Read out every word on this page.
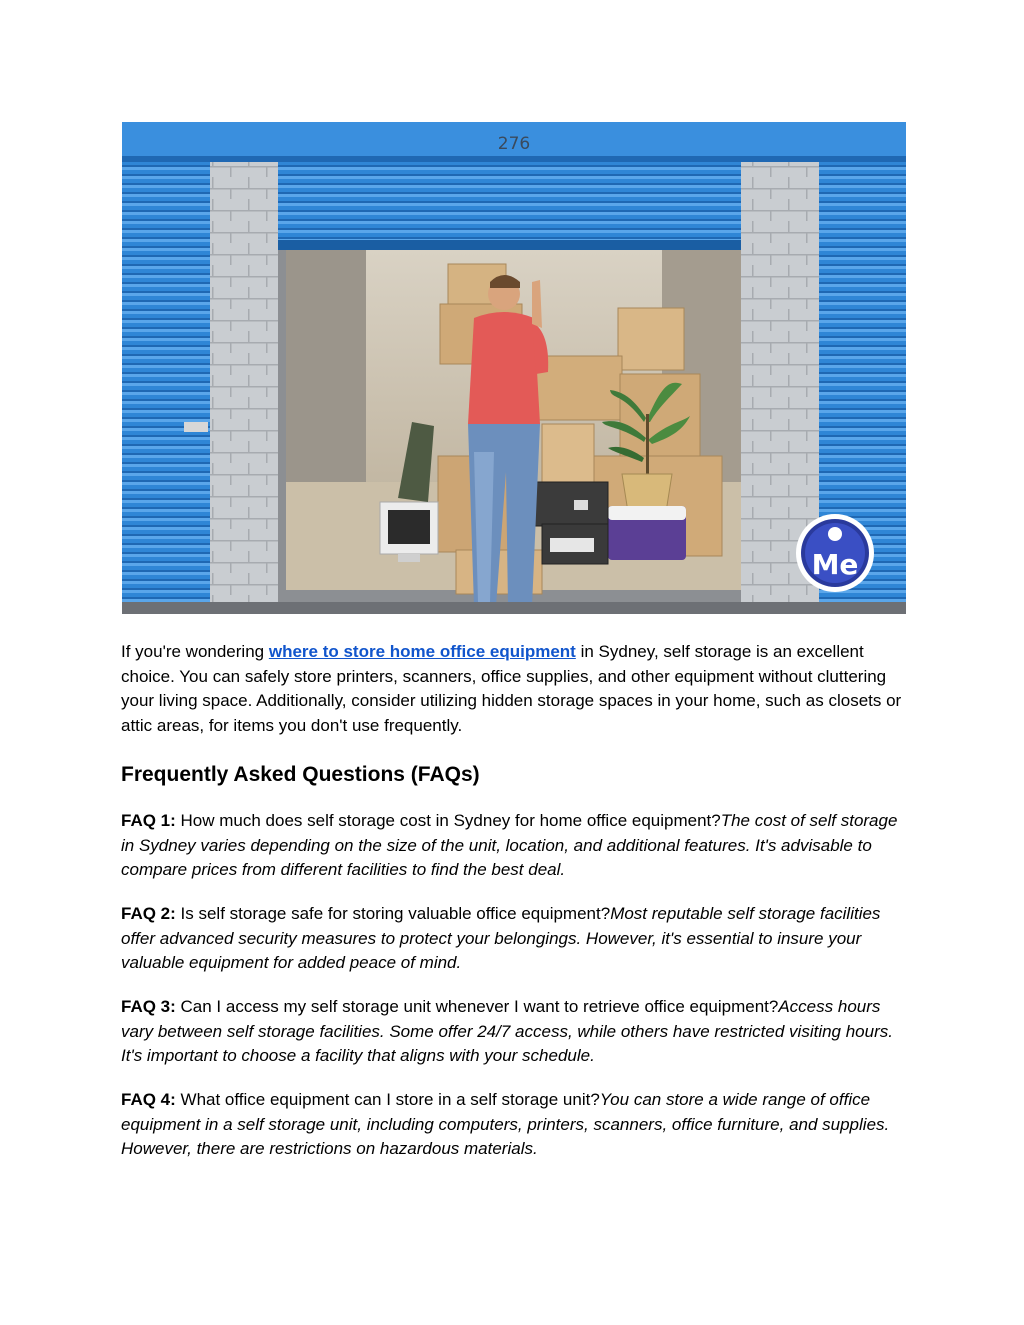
276
Me

If you're wondering where to store home office equipment in Sydney, self storage is an excellent choice. You can safely store printers, scanners, office supplies, and other equipment without cluttering your living space. Additionally, consider utilizing hidden storage spaces in your home, such as closets or attic areas, for items you don't use frequently.

Frequently Asked Questions (FAQs)

FAQ 1: How much does self storage cost in Sydney for home office equipment?The cost of self storage in Sydney varies depending on the size of the unit, location, and additional features. It's advisable to compare prices from different facilities to find the best deal.

FAQ 2: Is self storage safe for storing valuable office equipment?Most reputable self storage facilities offer advanced security measures to protect your belongings. However, it's essential to insure your valuable equipment for added peace of mind.

FAQ 3: Can I access my self storage unit whenever I want to retrieve office equipment?Access hours vary between self storage facilities. Some offer 24/7 access, while others have restricted visiting hours. It's important to choose a facility that aligns with your schedule.

FAQ 4: What office equipment can I store in a self storage unit?You can store a wide range of office equipment in a self storage unit, including computers, printers, scanners, office furniture, and supplies. However, there are restrictions on hazardous materials.
